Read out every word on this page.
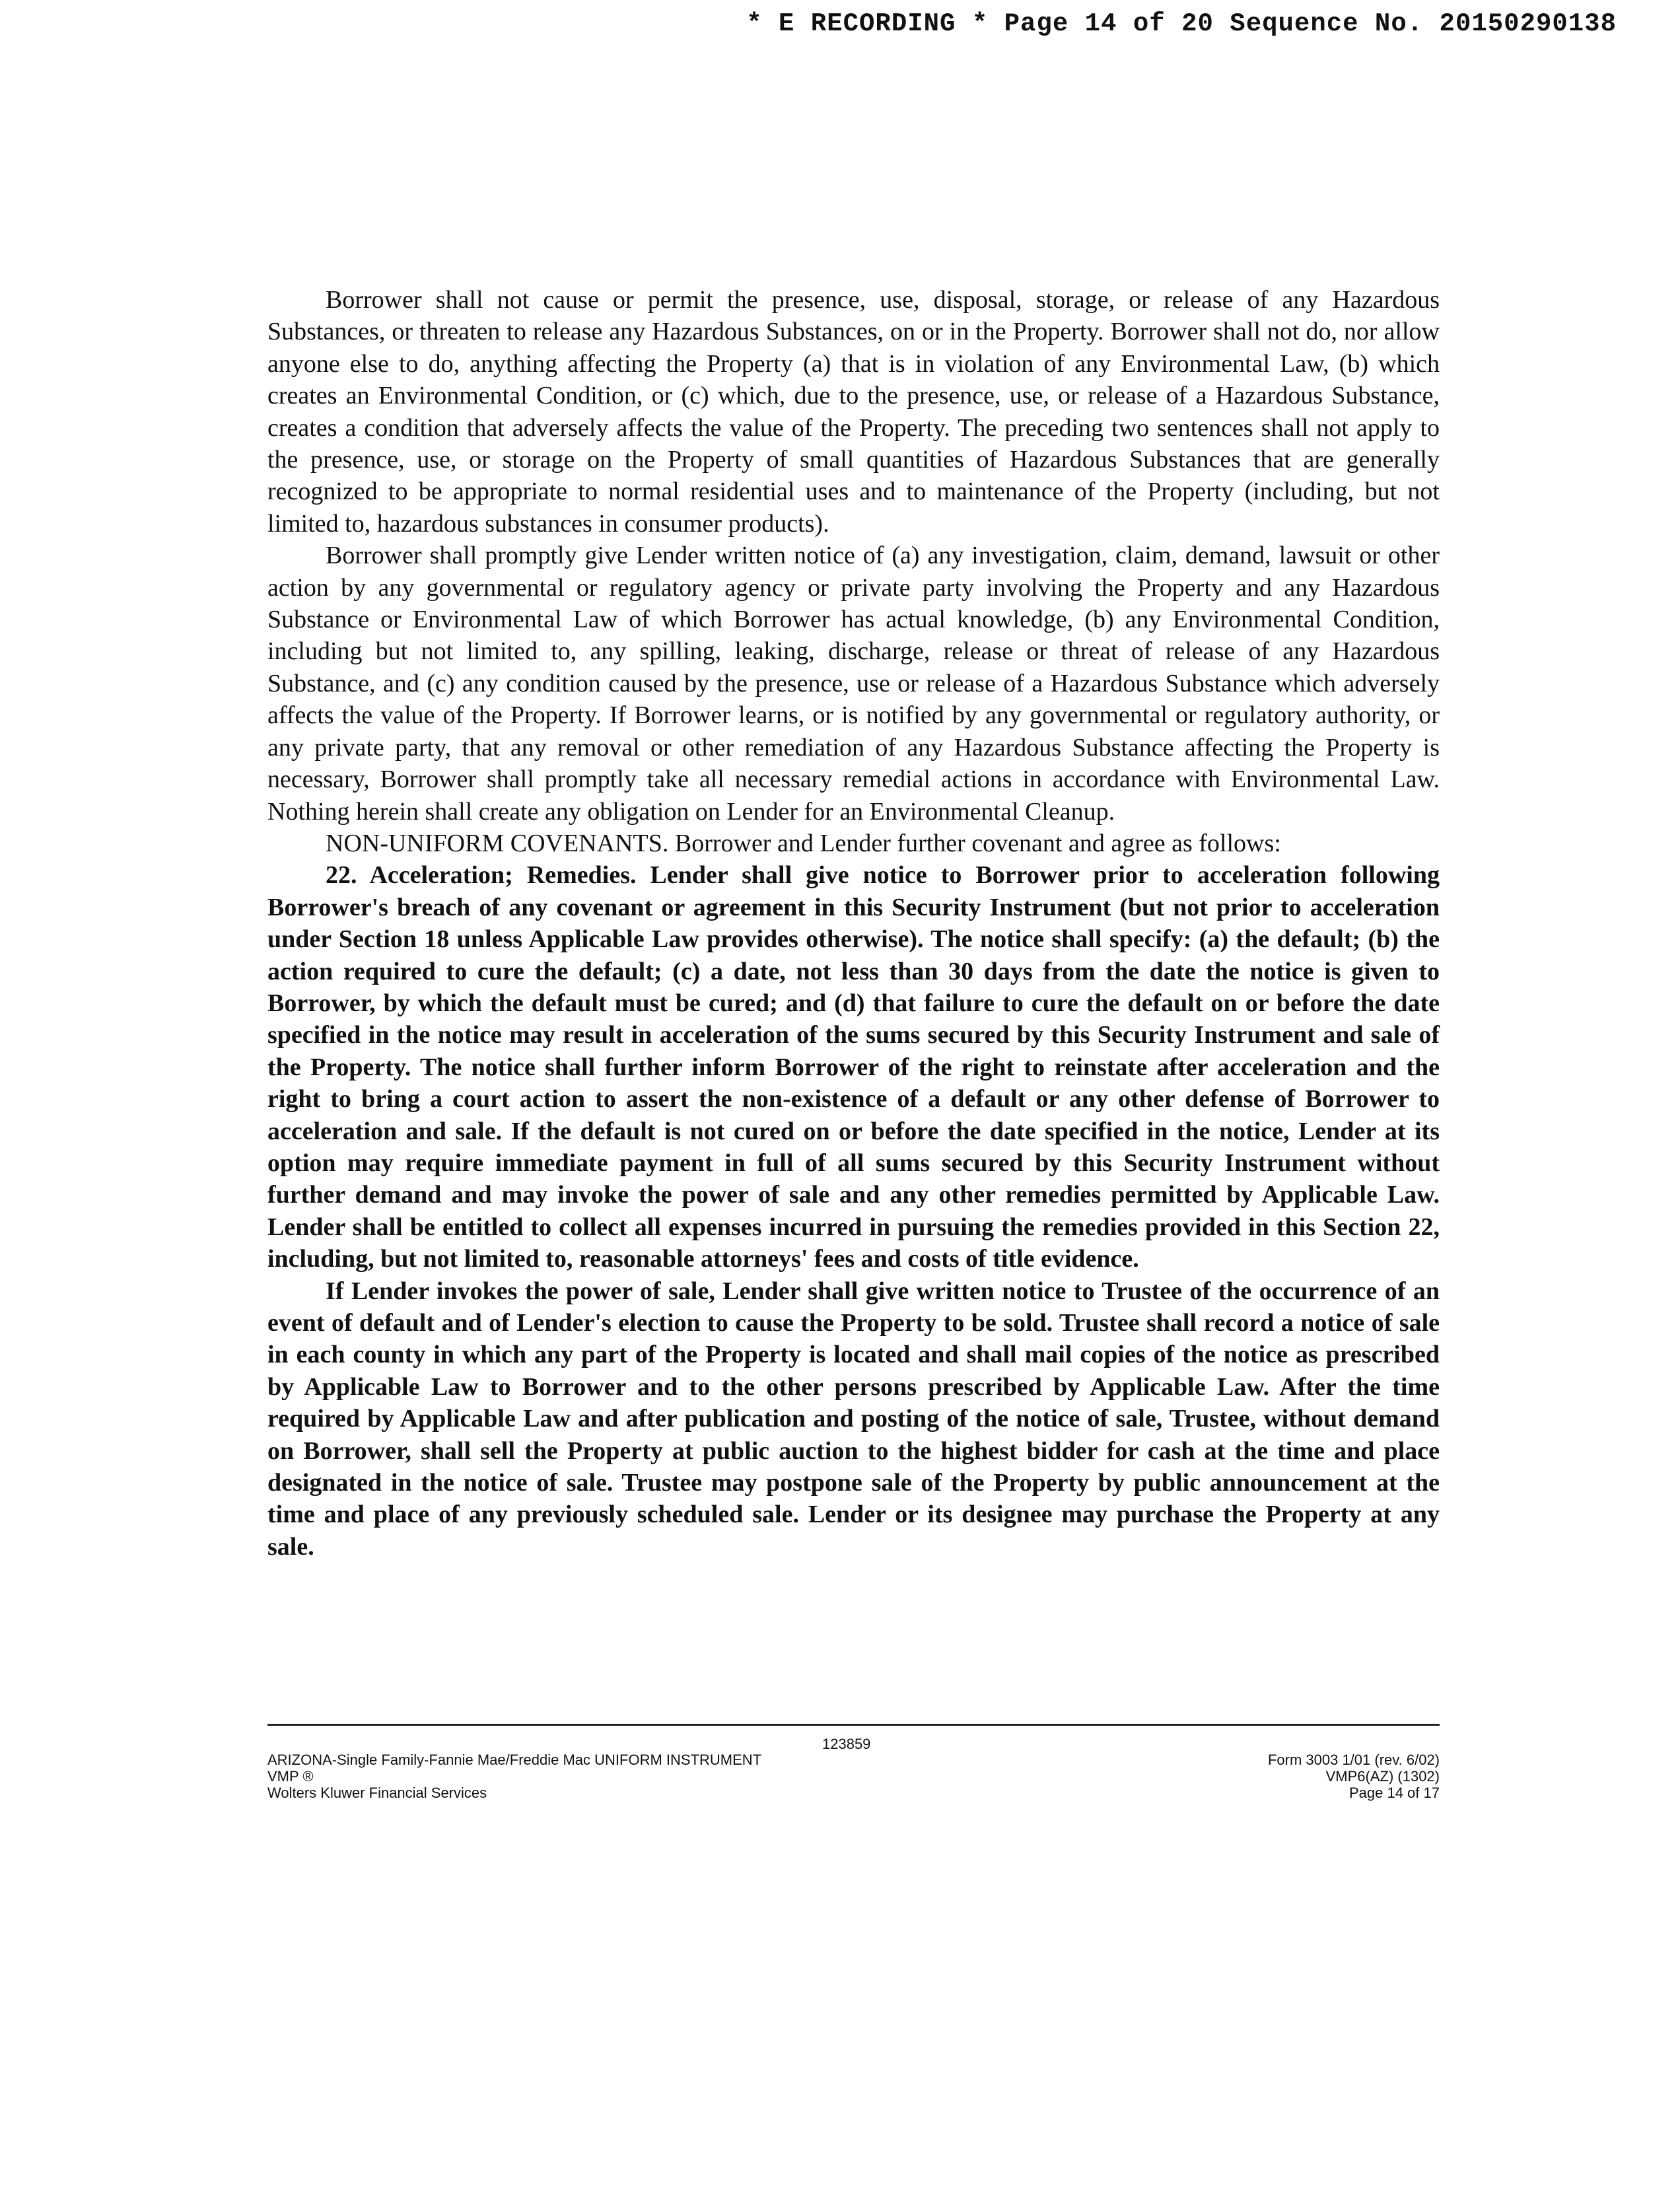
* E RECORDING * Page 14 of 20 Sequence No. 20150290138

Borrower shall not cause or permit the presence, use, disposal, storage, or release of any Hazardous Substances, or threaten to release any Hazardous Substances, on or in the Property. Borrower shall not do, nor allow anyone else to do, anything affecting the Property (a) that is in violation of any Environmental Law, (b) which creates an Environmental Condition, or (c) which, due to the presence, use, or release of a Hazardous Substance, creates a condition that adversely affects the value of the Property. The preceding two sentences shall not apply to the presence, use, or storage on the Property of small quantities of Hazardous Substances that are generally recognized to be appropriate to normal residential uses and to maintenance of the Property (including, but not limited to, hazardous substances in consumer products).

Borrower shall promptly give Lender written notice of (a) any investigation, claim, demand, lawsuit or other action by any governmental or regulatory agency or private party involving the Property and any Hazardous Substance or Environmental Law of which Borrower has actual knowledge, (b) any Environmental Condition, including but not limited to, any spilling, leaking, discharge, release or threat of release of any Hazardous Substance, and (c) any condition caused by the presence, use or release of a Hazardous Substance which adversely affects the value of the Property. If Borrower learns, or is notified by any governmental or regulatory authority, or any private party, that any removal or other remediation of any Hazardous Substance affecting the Property is necessary, Borrower shall promptly take all necessary remedial actions in accordance with Environmental Law. Nothing herein shall create any obligation on Lender for an Environmental Cleanup.

NON-UNIFORM COVENANTS. Borrower and Lender further covenant and agree as follows:

22. Acceleration; Remedies. Lender shall give notice to Borrower prior to acceleration following Borrower's breach of any covenant or agreement in this Security Instrument (but not prior to acceleration under Section 18 unless Applicable Law provides otherwise). The notice shall specify: (a) the default; (b) the action required to cure the default; (c) a date, not less than 30 days from the date the notice is given to Borrower, by which the default must be cured; and (d) that failure to cure the default on or before the date specified in the notice may result in acceleration of the sums secured by this Security Instrument and sale of the Property. The notice shall further inform Borrower of the right to reinstate after acceleration and the right to bring a court action to assert the non-existence of a default or any other defense of Borrower to acceleration and sale. If the default is not cured on or before the date specified in the notice, Lender at its option may require immediate payment in full of all sums secured by this Security Instrument without further demand and may invoke the power of sale and any other remedies permitted by Applicable Law. Lender shall be entitled to collect all expenses incurred in pursuing the remedies provided in this Section 22, including, but not limited to, reasonable attorneys' fees and costs of title evidence.

If Lender invokes the power of sale, Lender shall give written notice to Trustee of the occurrence of an event of default and of Lender's election to cause the Property to be sold. Trustee shall record a notice of sale in each county in which any part of the Property is located and shall mail copies of the notice as prescribed by Applicable Law to Borrower and to the other persons prescribed by Applicable Law. After the time required by Applicable Law and after publication and posting of the notice of sale, Trustee, without demand on Borrower, shall sell the Property at public auction to the highest bidder for cash at the time and place designated in the notice of sale. Trustee may postpone sale of the Property by public announcement at the time and place of any previously scheduled sale. Lender or its designee may purchase the Property at any sale.

123859
ARIZONA-Single Family-Fannie Mae/Freddie Mac UNIFORM INSTRUMENT
VMP ®
Wolters Kluwer Financial Services
Form 3003 1/01 (rev. 6/02)
VMP6(AZ) (1302)
Page 14 of 17
